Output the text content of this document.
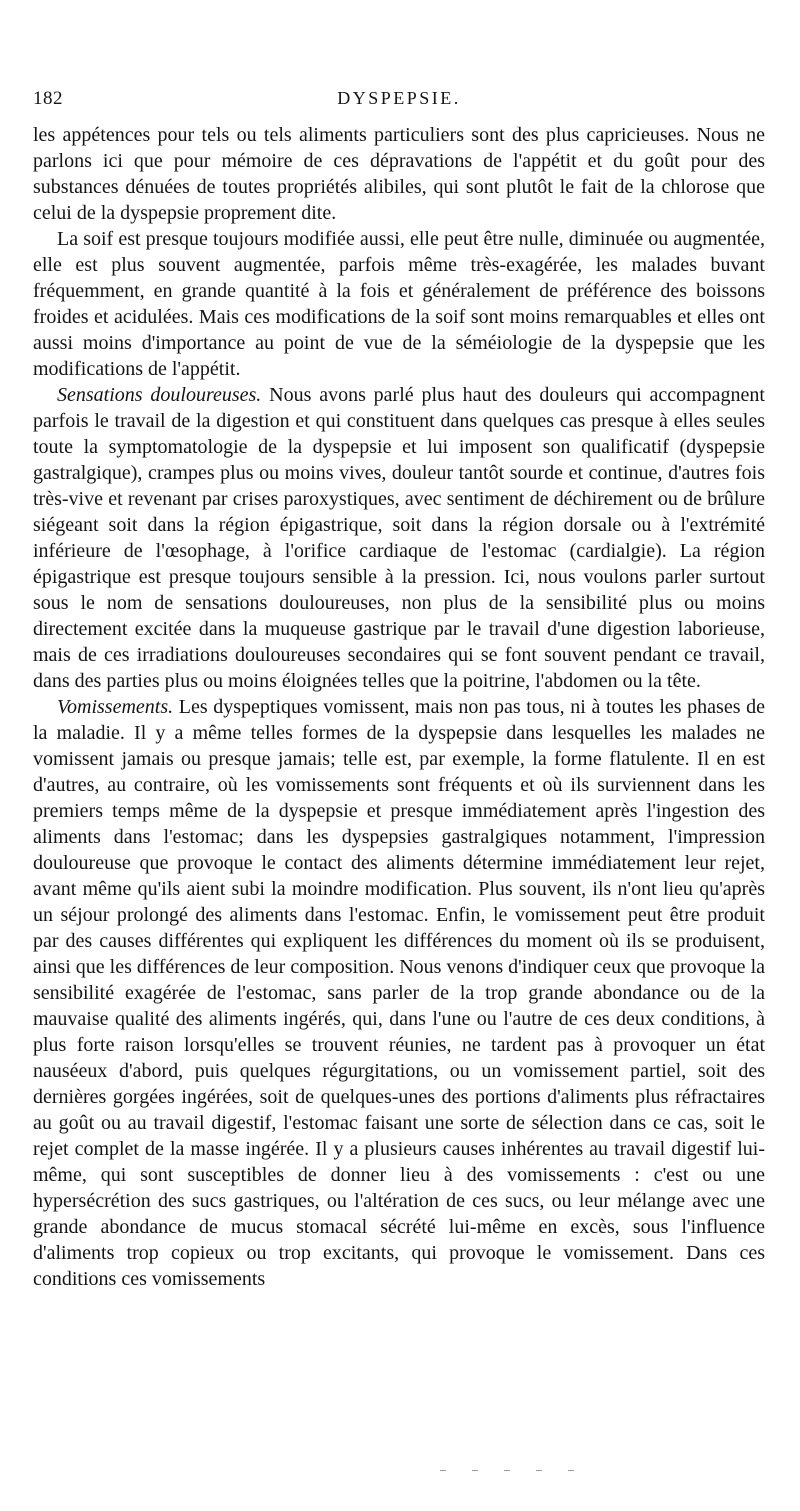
182	DYSPEPSIE.

les appétences pour tels ou tels aliments particuliers sont des plus capricieuses. Nous ne parlons ici que pour mémoire de ces dépravations de l'appétit et du goût pour des substances dénuées de toutes propriétés alibiles, qui sont plutôt le fait de la chlorose que celui de la dyspepsie proprement dite.

La soif est presque toujours modifiée aussi, elle peut être nulle, diminuée ou augmentée, elle est plus souvent augmentée, parfois même très-exagérée, les malades buvant fréquemment, en grande quantité à la fois et généralement de préférence des boissons froides et acidulées. Mais ces modifications de la soif sont moins remarquables et elles ont aussi moins d'importance au point de vue de la séméiologie de la dyspepsie que les modifications de l'appétit.

Sensations douloureuses. Nous avons parlé plus haut des douleurs qui accompagnent parfois le travail de la digestion et qui constituent dans quelques cas presque à elles seules toute la symptomatologie de la dyspepsie et lui imposent son qualificatif (dyspepsie gastralgique), crampes plus ou moins vives, douleur tantôt sourde et continue, d'autres fois très-vive et revenant par crises paroxystiques, avec sentiment de déchirement ou de brûlure siégeant soit dans la région épigastrique, soit dans la région dorsale ou à l'extrémité inférieure de l'œsophage, à l'orifice cardiaque de l'estomac (cardialgie). La région épigastrique est presque toujours sensible à la pression. Ici, nous voulons parler surtout sous le nom de sensations douloureuses, non plus de la sensibilité plus ou moins directement excitée dans la muqueuse gastrique par le travail d'une digestion laborieuse, mais de ces irradiations douloureuses secondaires qui se font souvent pendant ce travail, dans des parties plus ou moins éloignées telles que la poitrine, l'abdomen ou la tête.

Vomissements. Les dyspeptiques vomissent, mais non pas tous, ni à toutes les phases de la maladie. Il y a même telles formes de la dyspepsie dans lesquelles les malades ne vomissent jamais ou presque jamais; telle est, par exemple, la forme flatulente. Il en est d'autres, au contraire, où les vomissements sont fréquents et où ils surviennent dans les premiers temps même de la dyspepsie et presque immédiatement après l'ingestion des aliments dans l'estomac; dans les dyspepsies gastralgiques notamment, l'impression douloureuse que provoque le contact des aliments détermine immédiatement leur rejet, avant même qu'ils aient subi la moindre modification. Plus souvent, ils n'ont lieu qu'après un séjour prolongé des aliments dans l'estomac. Enfin, le vomissement peut être produit par des causes différentes qui expliquent les différences du moment où ils se produisent, ainsi que les différences de leur composition. Nous venons d'indiquer ceux que provoque la sensibilité exagérée de l'estomac, sans parler de la trop grande abondance ou de la mauvaise qualité des aliments ingérés, qui, dans l'une ou l'autre de ces deux conditions, à plus forte raison lorsqu'elles se trouvent réunies, ne tardent pas à provoquer un état nauséeux d'abord, puis quelques régurgitations, ou un vomissement partiel, soit des dernières gorgées ingérées, soit de quelques-unes des portions d'aliments plus réfractaires au goût ou au travail digestif, l'estomac faisant une sorte de sélection dans ce cas, soit le rejet complet de la masse ingérée. Il y a plusieurs causes inhérentes au travail digestif lui-même, qui sont susceptibles de donner lieu à des vomissements : c'est ou une hypersécrétion des sucs gastriques, ou l'altération de ces sucs, ou leur mélange avec une grande abondance de mucus stomacal sécrété lui-même en excès, sous l'influence d'aliments trop copieux ou trop excitants, qui provoque le vomissement. Dans ces conditions ces vomissements
